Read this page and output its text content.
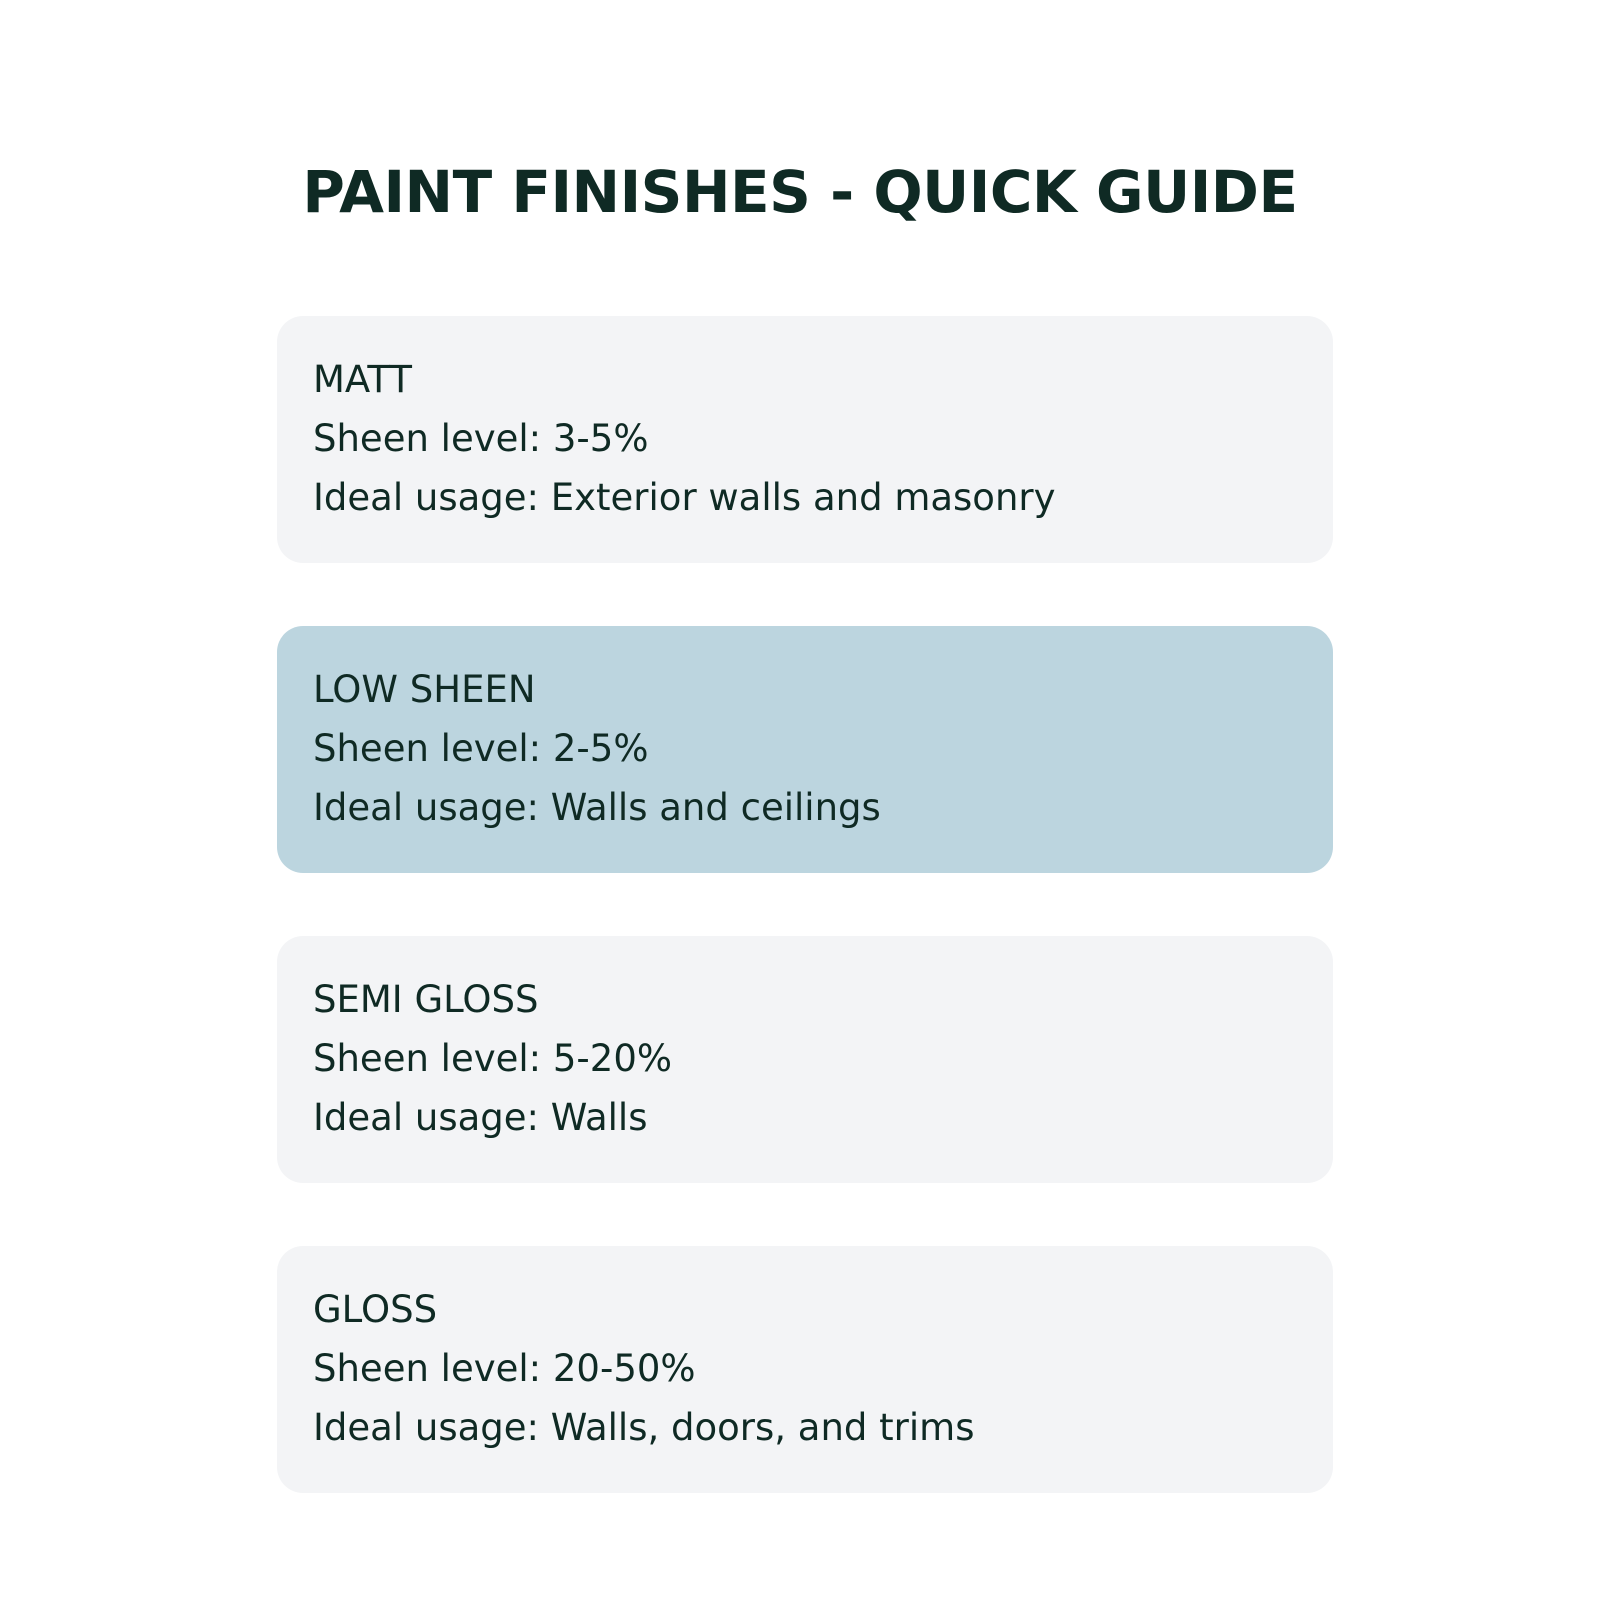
PAINT FINISHES - QUICK GUIDE
MATT
Sheen level: 3-5%
Ideal usage: Exterior walls and masonry
LOW SHEEN
Sheen level: 2-5%
Ideal usage: Walls and ceilings
SEMI GLOSS
Sheen level: 5-20%
Ideal usage: Walls
GLOSS
Sheen level: 20-50%
Ideal usage: Walls, doors, and trims
